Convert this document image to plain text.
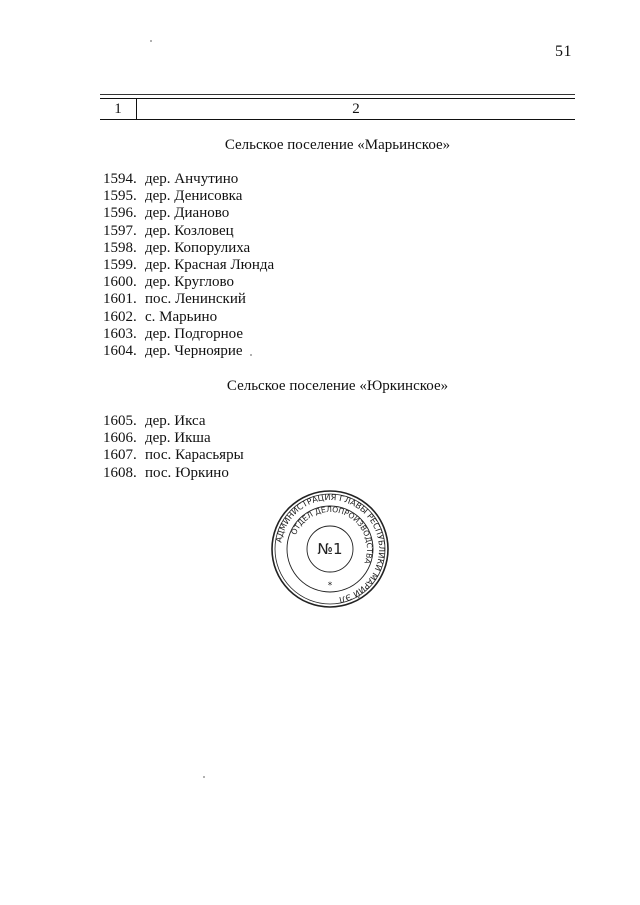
51
1	2
Сельское поселение «Марьинское»
1594. дер. Анчутино
1595. дер. Денисовка
1596. дер. Дианово
1597. дер. Козловец
1598. дер. Копорулиха
1599. дер. Красная Люнда
1600. дер. Круглово
1601. пос. Ленинский
1602. с. Марьино
1603. дер. Подгорное
1604. дер. Черноярие
Сельское поселение «Юркинское»
1605. дер. Икса
1606. дер. Икша
1607. пос. Карасьяры
1608. пос. Юркино
АДМИНИСТРАЦИЯ ГЛАВЫ РЕСПУБЛИКИ МАРИЙ ЭЛ
ОТДЕЛ ДЕЛОПРОИЗВОДСТВА
№1
*
